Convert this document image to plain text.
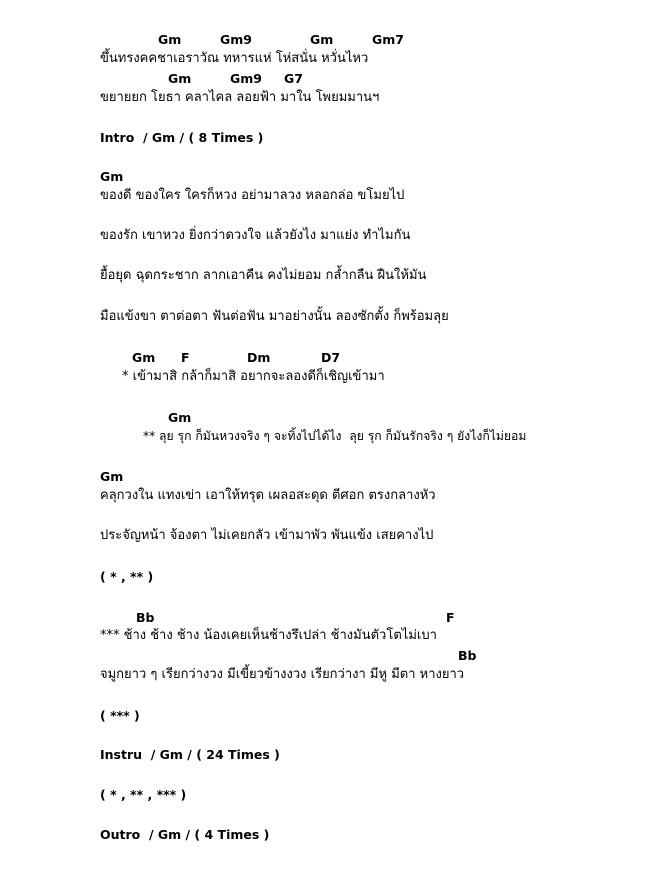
Gm	Gm9	Gm	Gm7
ขึ้นทรงคคชาเอราวัณ ทหารแห่ โห่สนั่น หวั่นไหว
Gm	Gm9 G7
ขยายยก โยธา คลาไคล ลอยฟ้า มาใน โพยมมานฯ
Intro  / Gm / ( 8 Times )
Gm
ของดี ของใคร ใครก็หวง อย่ามาลวง หลอกล่อ ขโมยไป
ของรัก เขาหวง ยิ่งกว่าดวงใจ แล้วยังไง มาแย่ง ทำไมกัน
ยื้อยุด ฉุดกระชาก ลากเอาคืน คงไม่ยอม กล้ำกลืน ฝืนให้มัน
มือแข้งขา ตาต่อตา ฟันต่อฟัน มาอย่างนั้น ลองซักตั้ง ก็พร้อมลุย
Gm F	Dm	D7
* เข้ามาสิ กล้าก็มาสิ อยากจะลองดีก็เชิญเข้ามา
Gm
** ลุย รุก ก็มันหวงจริง ๆ จะทิ้งไปได้ไง  ลุย รุก ก็มันรักจริง ๆ ยังไงก็ไม่ยอม
Gm
คลุกวงใน แทงเข่า เอาให้ทรุด เผลอสะดุด ตีศอก ตรงกลางหัว
ประจัญหน้า จ้องตา ไม่เคยกลัว เข้ามาพัว พันแข้ง เสยคางไป
( * , ** )
Bb	F
*** ช้าง ช้าง ช้าง น้องเคยเห็นช้างรึเปล่า ช้างมันตัวโตไม่เบา
Bb
จมูกยาว ๆ เรียกว่างวง มีเขี้ยวข้างงวง เรียกว่างา มีหู มีตา หางยาว
( *** )
Instru  / Gm / ( 24 Times )
( * , ** , *** )
Outro  / Gm / ( 4 Times )
